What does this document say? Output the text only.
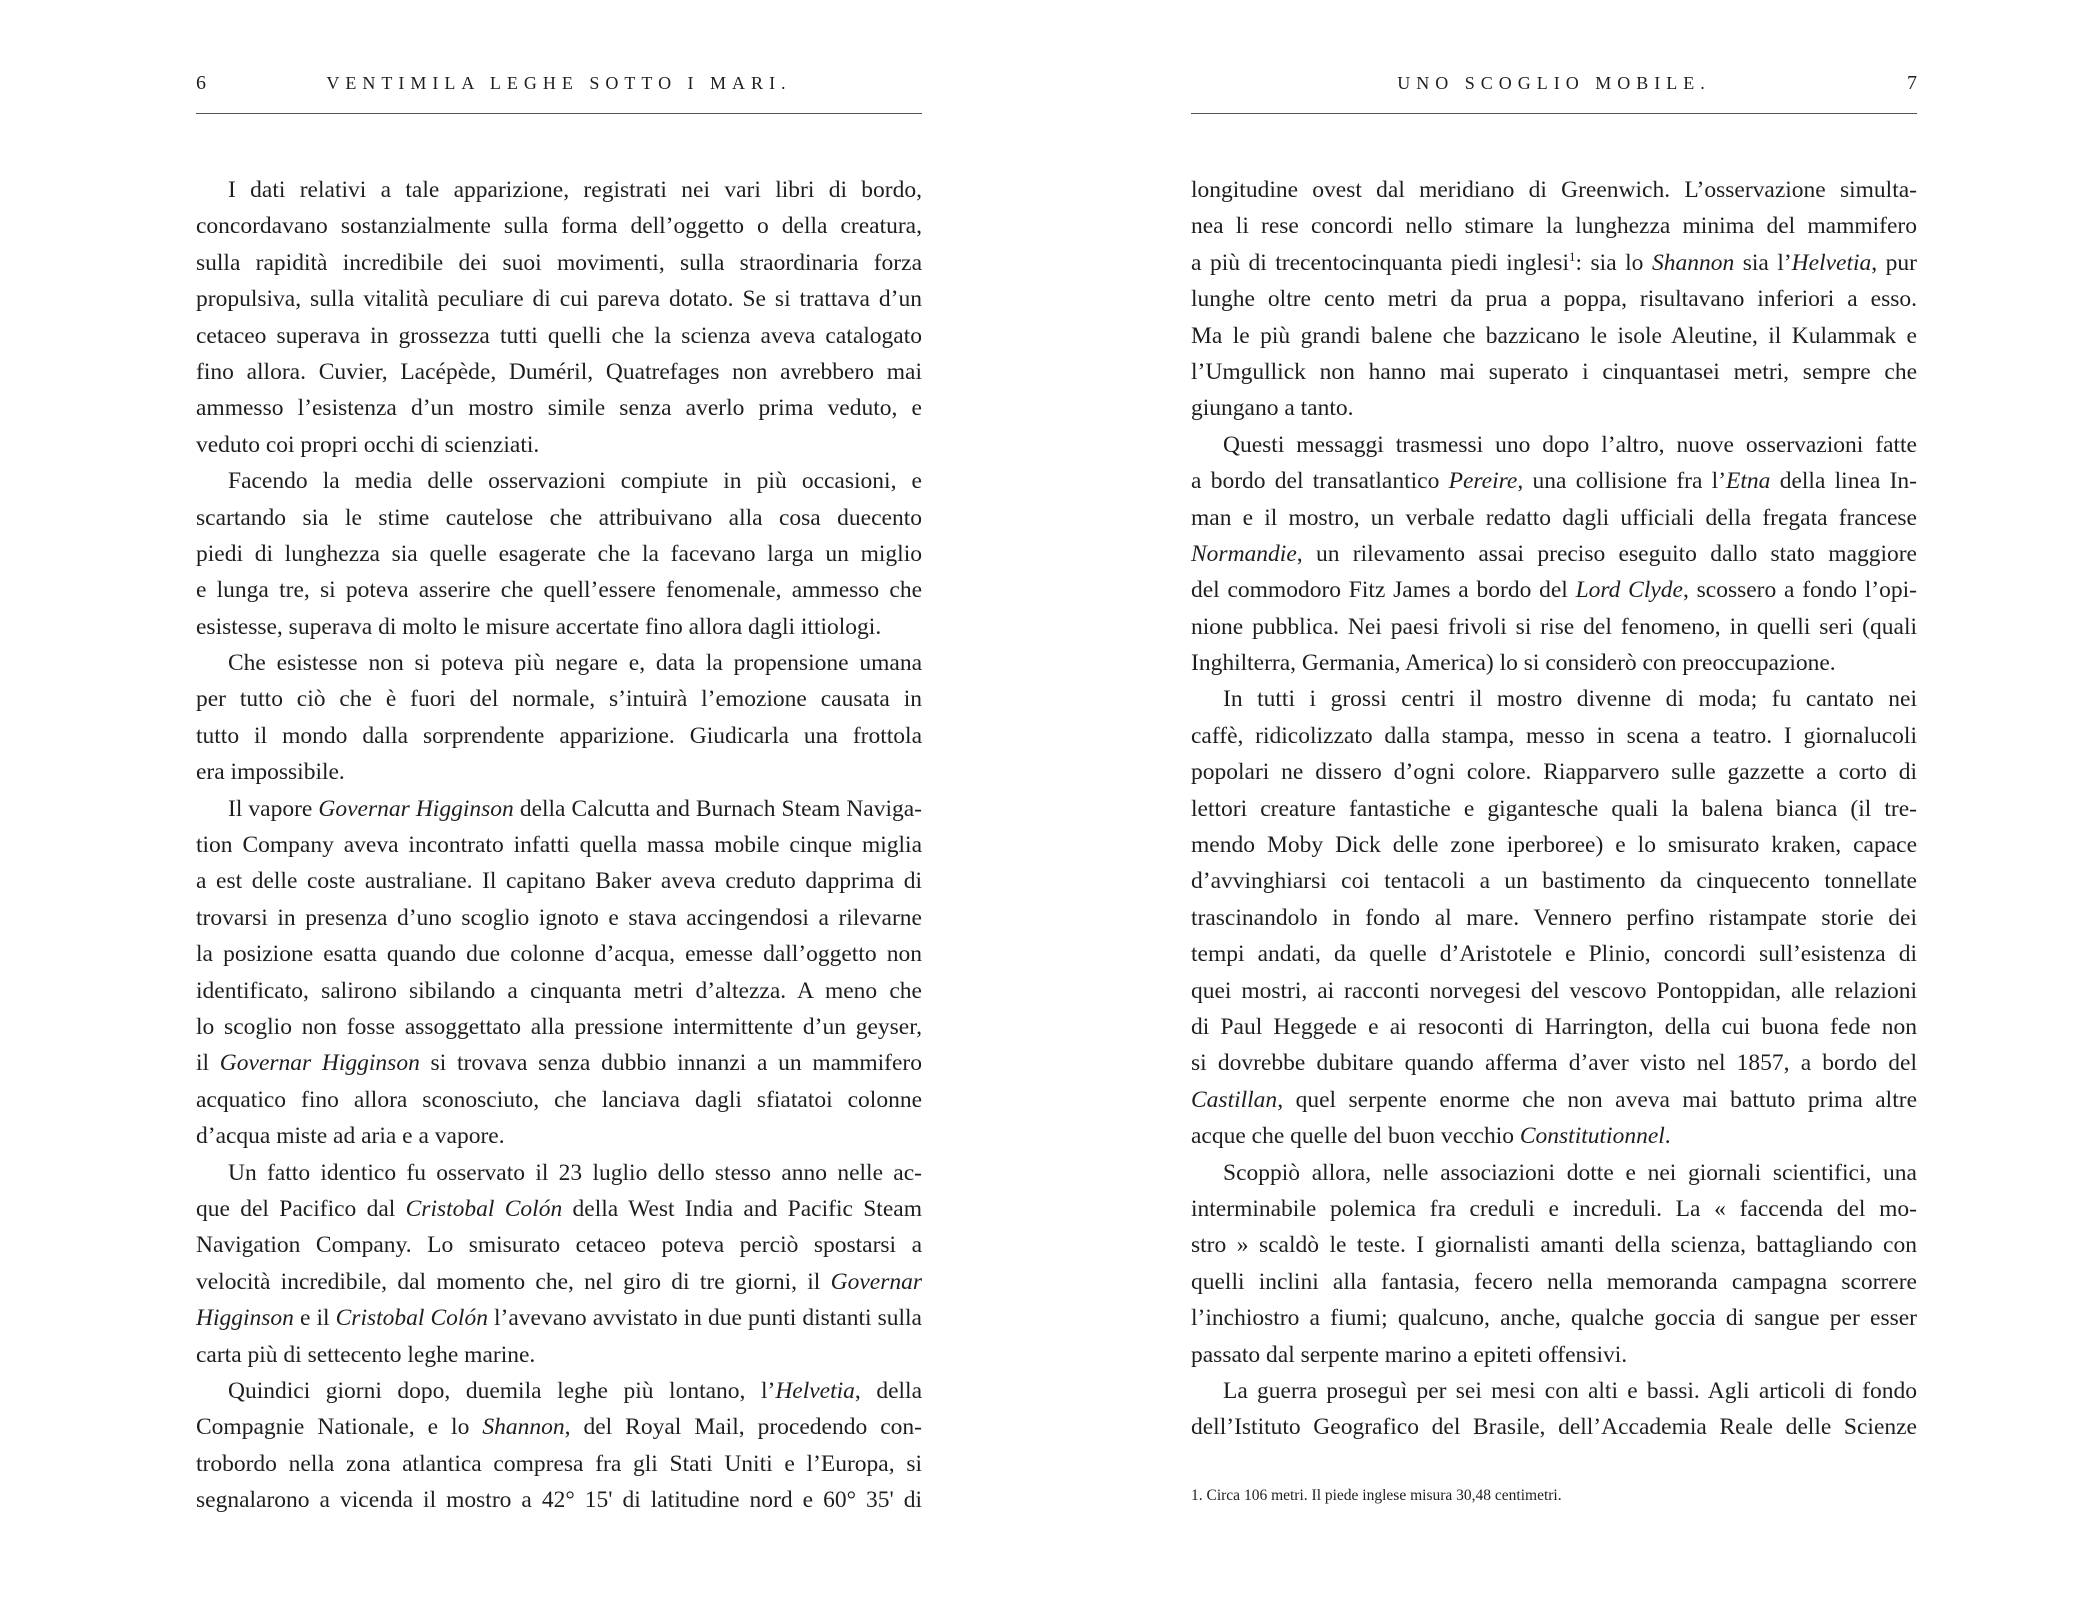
6	VENTIMILA LEGHE SOTTO I MARI.
I dati relativi a tale apparizione, registrati nei vari libri di bordo,
concordavano sostanzialmente sulla forma dell’oggetto o della creatura,
sulla rapidità incredibile dei suoi movimenti, sulla straordinaria forza
propulsiva, sulla vitalità peculiare di cui pareva dotato. Se si trattava d’un
cetaceo superava in grossezza tutti quelli che la scienza aveva catalogato
fino allora. Cuvier, Lacépède, Duméril, Quatrefages non avrebbero mai
ammesso l’esistenza d’un mostro simile senza averlo prima veduto, e
veduto coi propri occhi di scienziati.
Facendo la media delle osservazioni compiute in più occasioni, e
scartando sia le stime cautelose che attribuivano alla cosa duecento
piedi di lunghezza sia quelle esagerate che la facevano larga un miglio
e lunga tre, si poteva asserire che quell’essere fenomenale, ammesso che
esistesse, superava di molto le misure accertate fino allora dagli ittiologi.
Che esistesse non si poteva più negare e, data la propensione umana
per tutto ciò che è fuori del normale, s’intuirà l’emozione causata in
tutto il mondo dalla sorprendente apparizione. Giudicarla una frottola
era impossibile.
Il vapore Governar Higginson della Calcutta and Burnach Steam Naviga-
tion Company aveva incontrato infatti quella massa mobile cinque miglia
a est delle coste australiane. Il capitano Baker aveva creduto dapprima di
trovarsi in presenza d’uno scoglio ignoto e stava accingendosi a rilevarne
la posizione esatta quando due colonne d’acqua, emesse dall’oggetto non
identificato, salirono sibilando a cinquanta metri d’altezza. A meno che
lo scoglio non fosse assoggettato alla pressione intermittente d’un geyser,
il Governar Higginson si trovava senza dubbio innanzi a un mammifero
acquatico fino allora sconosciuto, che lanciava dagli sfiatatoi colonne
d’acqua miste ad aria e a vapore.
Un fatto identico fu osservato il 23 luglio dello stesso anno nelle ac-
que del Pacifico dal Cristobal Colón della West India and Pacific Steam
Navigation Company. Lo smisurato cetaceo poteva perciò spostarsi a
velocità incredibile, dal momento che, nel giro di tre giorni, il Governar
Higginson e il Cristobal Colón l’avevano avvistato in due punti distanti sulla
carta più di settecento leghe marine.
Quindici giorni dopo, duemila leghe più lontano, l’Helvetia, della
Compagnie Nationale, e lo Shannon, del Royal Mail, procedendo con-
trobordo nella zona atlantica compresa fra gli Stati Uniti e l’Europa, si
segnalarono a vicenda il mostro a 42° 15' di latitudine nord e 60° 35' di
UNO SCOGLIO MOBILE.	7
longitudine ovest dal meridiano di Greenwich. L’osservazione simulta-
nea li rese concordi nello stimare la lunghezza minima del mammifero
a più di trecentocinquanta piedi inglesi$^1$: sia lo Shannon sia l’Helvetia, pur
lunghe oltre cento metri da prua a poppa, risultavano inferiori a esso.
Ma le più grandi balene che bazzicano le isole Aleutine, il Kulammak e
l’Umgullick non hanno mai superato i cinquantasei metri, sempre che
giungano a tanto.
Questi messaggi trasmessi uno dopo l’altro, nuove osservazioni fatte
a bordo del transatlantico Pereire, una collisione fra l’Etna della linea In-
man e il mostro, un verbale redatto dagli ufficiali della fregata francese
Normandie, un rilevamento assai preciso eseguito dallo stato maggiore
del commodoro Fitz James a bordo del Lord Clyde, scossero a fondo l’opi-
nione pubblica. Nei paesi frivoli si rise del fenomeno, in quelli seri (quali
Inghilterra, Germania, America) lo si considerò con preoccupazione.
In tutti i grossi centri il mostro divenne di moda; fu cantato nei
caffè, ridicolizzato dalla stampa, messo in scena a teatro. I giornalucoli
popolari ne dissero d’ogni colore. Riapparvero sulle gazzette a corto di
lettori creature fantastiche e gigantesche quali la balena bianca (il tre-
mendo Moby Dick delle zone iperboree) e lo smisurato kraken, capace
d’avvinghiarsi coi tentacoli a un bastimento da cinquecento tonnellate
trascinandolo in fondo al mare. Vennero perfino ristampate storie dei
tempi andati, da quelle d’Aristotele e Plinio, concordi sull’esistenza di
quei mostri, ai racconti norvegesi del vescovo Pontoppidan, alle relazioni
di Paul Heggede e ai resoconti di Harrington, della cui buona fede non
si dovrebbe dubitare quando afferma d’aver visto nel 1857, a bordo del
Castillan, quel serpente enorme che non aveva mai battuto prima altre
acque che quelle del buon vecchio Constitutionnel.
Scoppiò allora, nelle associazioni dotte e nei giornali scientifici, una
interminabile polemica fra creduli e increduli. La « faccenda del mo-
stro » scaldò le teste. I giornalisti amanti della scienza, battagliando con
quelli inclini alla fantasia, fecero nella memoranda campagna scorrere
l’inchiostro a fiumi; qualcuno, anche, qualche goccia di sangue per esser
passato dal serpente marino a epiteti offensivi.
La guerra proseguì per sei mesi con alti e bassi. Agli articoli di fondo
dell’Istituto Geografico del Brasile, dell’Accademia Reale delle Scienze
1. Circa 106 metri. Il piede inglese misura 30,48 centimetri.
